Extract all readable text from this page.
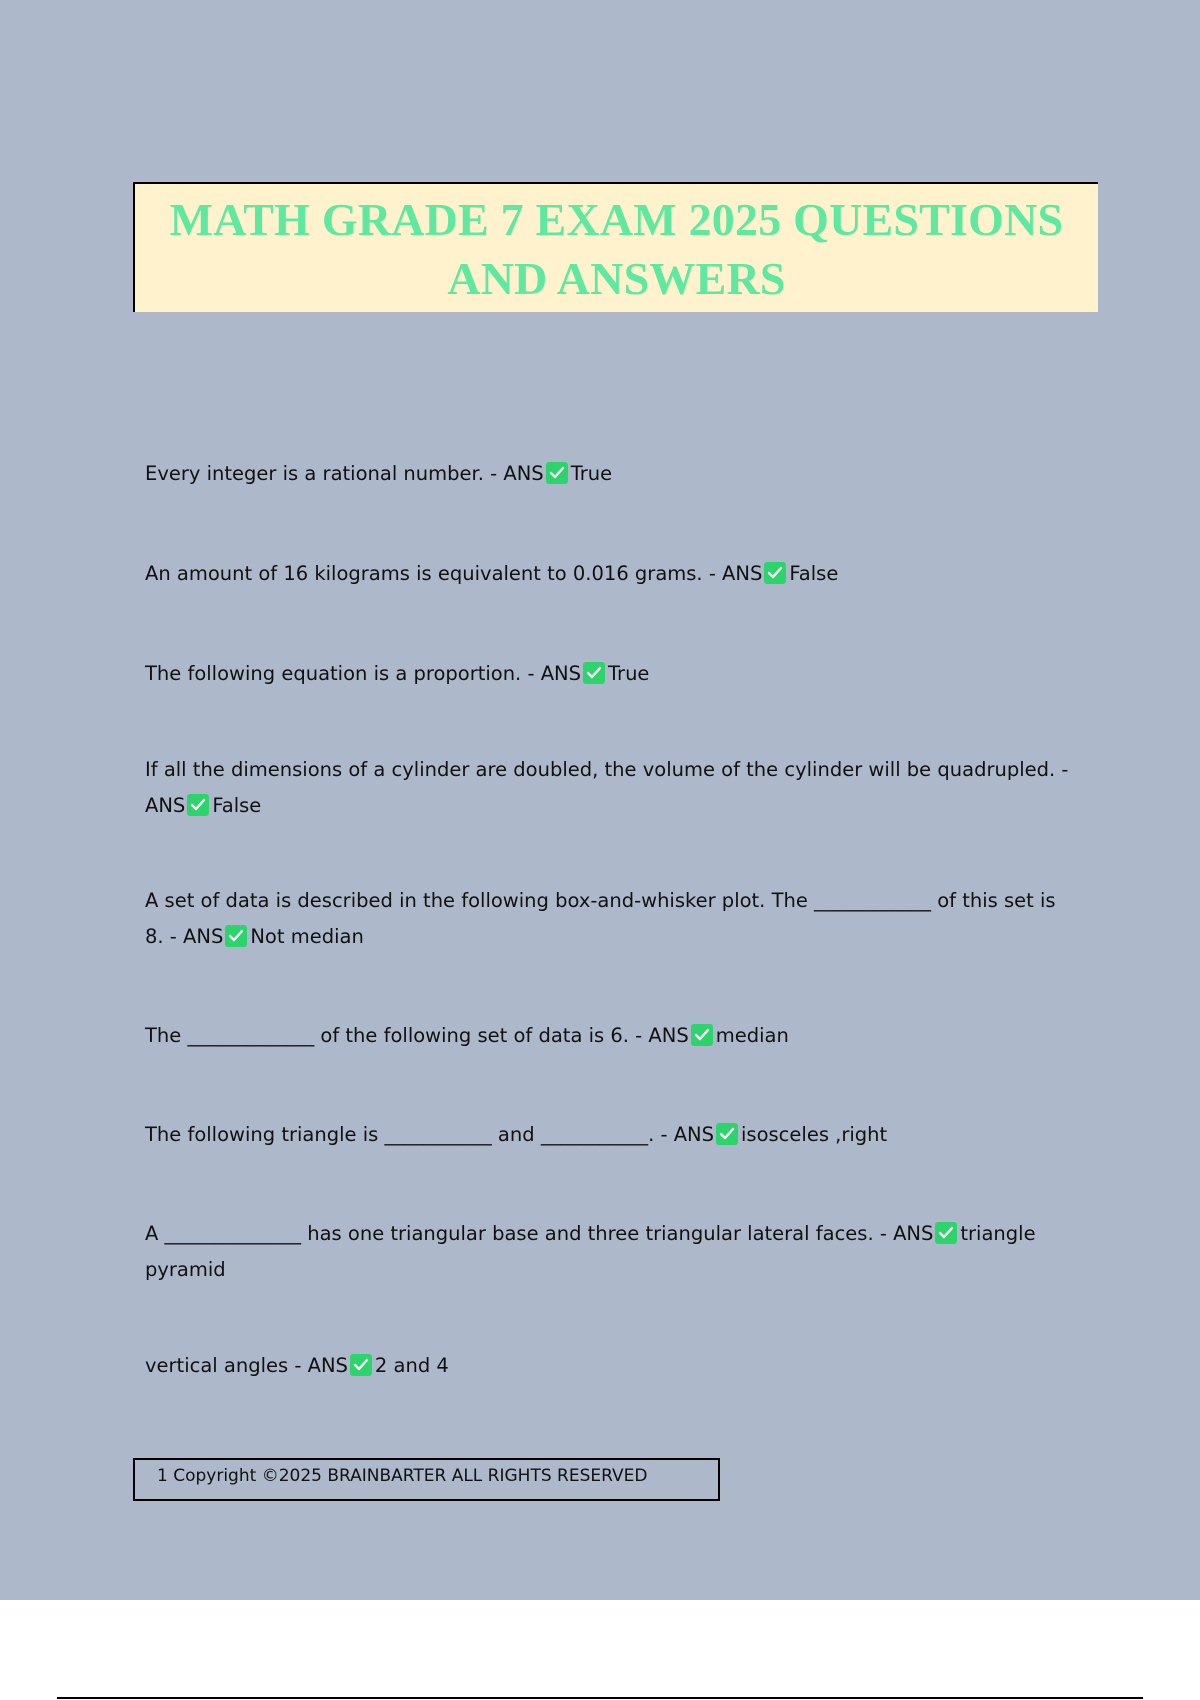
MATH GRADE 7 EXAM 2025 QUESTIONS
AND ANSWERS

Every integer is a rational number. - ANS True

An amount of 16 kilograms is equivalent to 0.016 grams. - ANS False

The following equation is a proportion. - ANS True

If all the dimensions of a cylinder are doubled, the volume of the cylinder will be quadrupled. - ANS False

A set of data is described in the following box-and-whisker plot. The ____________ of this set is 8. - ANS Not median

The _____________ of the following set of data is 6. - ANS median

The following triangle is ___________ and ___________. - ANS isosceles ,right

A ______________ has one triangular base and three triangular lateral faces. - ANS triangle pyramid

vertical angles - ANS 2 and 4

1 Copyright ©2025 BRAINBARTER ALL RIGHTS RESERVED
